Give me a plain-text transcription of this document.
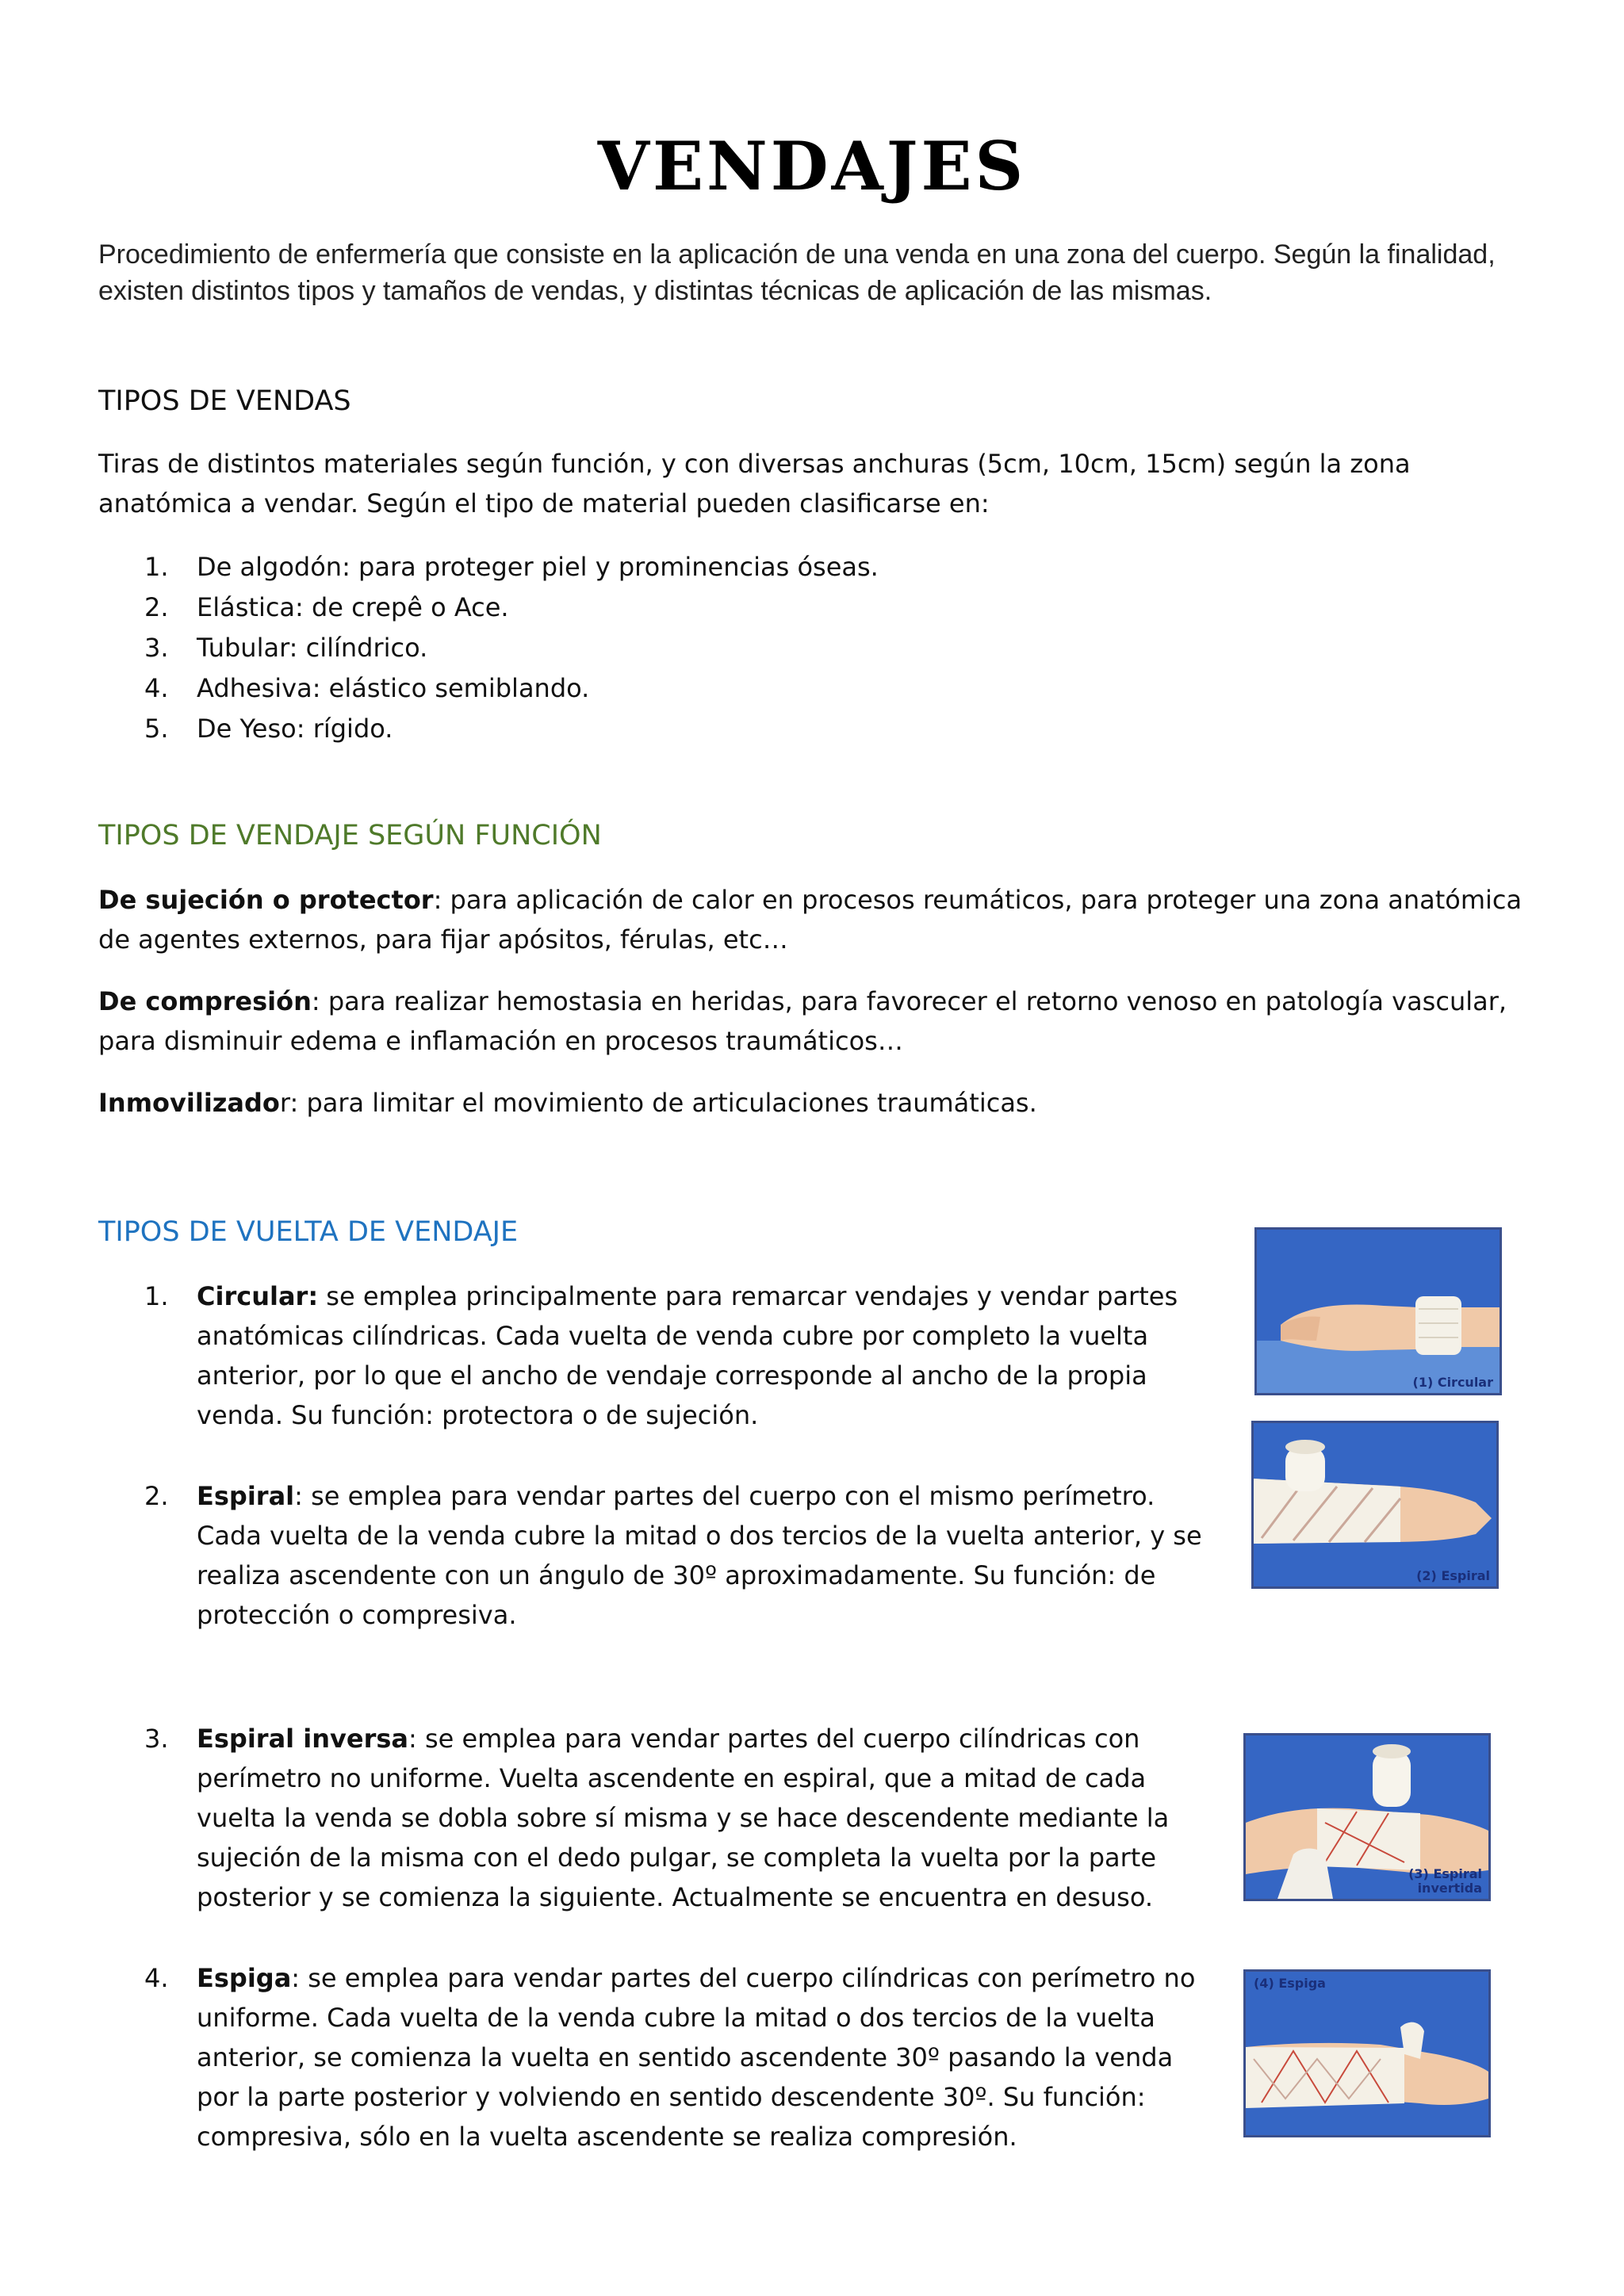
VENDAJES
Procedimiento de enfermería que consiste en la aplicación de una venda en una zona del cuerpo. Según la finalidad, existen distintos tipos y tamaños de vendas, y distintas técnicas de aplicación de las mismas.
TIPOS DE VENDAS
Tiras de distintos materiales según función, y con diversas anchuras (5cm, 10cm, 15cm) según la zona anatómica a vendar. Según el tipo de material pueden clasificarse en:
1. De algodón: para proteger piel y prominencias óseas.
2. Elástica: de crepê o Ace.
3. Tubular: cilíndrico.
4. Adhesiva: elástico semiblando.
5. De Yeso: rígido.
TIPOS DE VENDAJE SEGÚN FUNCIÓN
De sujeción o protector: para aplicación de calor en procesos reumáticos, para proteger una zona anatómica de agentes externos, para fijar apósitos, férulas, etc…
De compresión: para realizar hemostasia en heridas, para favorecer el retorno venoso en patología vascular, para disminuir edema e inflamación en procesos traumáticos…
Inmovilizador: para limitar el movimiento de articulaciones traumáticas.
TIPOS DE VUELTA DE VENDAJE
1. Circular: se emplea principalmente para remarcar vendajes y vendar partes anatómicas cilíndricas. Cada vuelta de venda cubre por completo la vuelta anterior, por lo que el ancho de vendaje corresponde al ancho de la propia venda. Su función: protectora o de sujeción.
2. Espiral: se emplea para vendar partes del cuerpo con el mismo perímetro. Cada vuelta de la venda cubre la mitad o dos tercios de la vuelta anterior, y se realiza ascendente con un ángulo de 30º aproximadamente. Su función: de protección o compresiva.
3. Espiral inversa: se emplea para vendar partes del cuerpo cilíndricas con perímetro no uniforme. Vuelta ascendente en espiral, que a mitad de cada vuelta la venda se dobla sobre sí misma y se hace descendente mediante la sujeción de la misma con el dedo pulgar, se completa la vuelta por la parte posterior y se comienza la siguiente. Actualmente se encuentra en desuso.
4. Espiga: se emplea para vendar partes del cuerpo cilíndricas con perímetro no uniforme. Cada vuelta de la venda cubre la mitad o dos tercios de la vuelta anterior, se comienza la vuelta en sentido ascendente 30º pasando la venda por la parte posterior y volviendo en sentido descendente 30º. Su función: compresiva, sólo en la vuelta ascendente se realiza compresión.
(1) Circular
(2) Espiral
(3) Espiral
invertida
(4) Espiga
